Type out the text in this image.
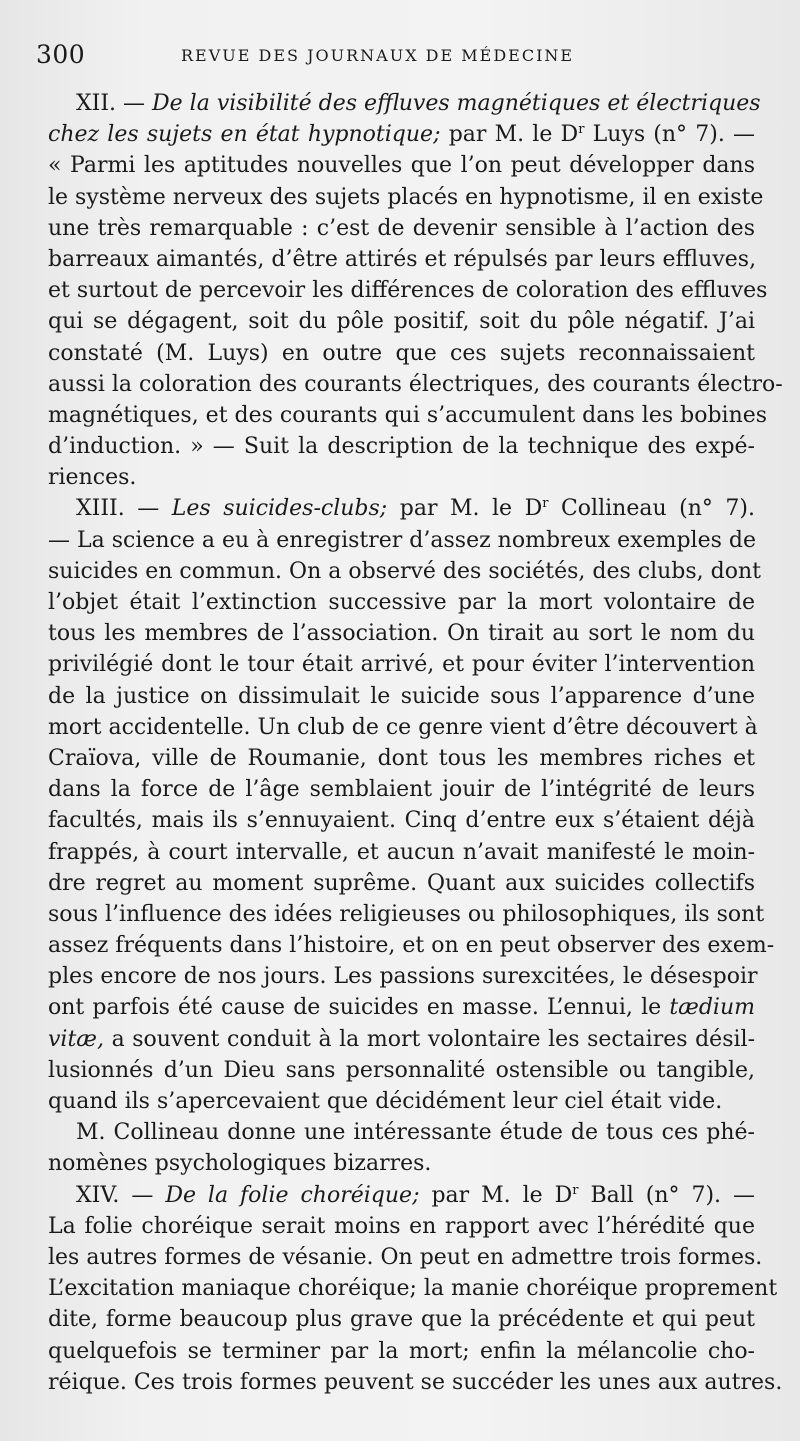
300	REVUE DES JOURNAUX DE MÉDECINE
XII. — De la visibilité des effluves magnétiques et électriques
chez les sujets en état hypnotique; par M. le $D^r$ Luys (n° 7). —
« Parmi les aptitudes nouvelles que l’on peut développer dans
le système nerveux des sujets placés en hypnotisme, il en existe
une très remarquable : c’est de devenir sensible à l’action des
barreaux aimantés, d’être attirés et répulsés par leurs effluves,
et surtout de percevoir les différences de coloration des effluves
qui se dégagent, soit du pôle positif, soit du pôle négatif. J’ai
constaté (M. Luys) en outre que ces sujets reconnaissaient
aussi la coloration des courants électriques, des courants électro-
magnétiques, et des courants qui s’accumulent dans les bobines
d’induction. » — Suit la description de la technique des expé-
riences.
XIII. — Les suicides-clubs; par M. le $D^r$ Collineau (n° 7).
— La science a eu à enregistrer d’assez nombreux exemples de
suicides en commun. On a observé des sociétés, des clubs, dont
l’objet était l’extinction successive par la mort volontaire de
tous les membres de l’association. On tirait au sort le nom du
privilégié dont le tour était arrivé, et pour éviter l’intervention
de la justice on dissimulait le suicide sous l’apparence d’une
mort accidentelle. Un club de ce genre vient d’être découvert à
Craïova, ville de Roumanie, dont tous les membres riches et
dans la force de l’âge semblaient jouir de l’intégrité de leurs
facultés, mais ils s’ennuyaient. Cinq d’entre eux s’étaient déjà
frappés, à court intervalle, et aucun n’avait manifesté le moin-
dre regret au moment suprême. Quant aux suicides collectifs
sous l’influence des idées religieuses ou philosophiques, ils sont
assez fréquents dans l’histoire, et on en peut observer des exem-
ples encore de nos jours. Les passions surexcitées, le désespoir
ont parfois été cause de suicides en masse. L’ennui, le tædium
vitæ, a souvent conduit à la mort volontaire les sectaires désil-
lusionnés d’un Dieu sans personnalité ostensible ou tangible,
quand ils s’apercevaient que décidément leur ciel était vide.
M. Collineau donne une intéressante étude de tous ces phé-
nomènes psychologiques bizarres.
XIV. — De la folie choréique; par M. le $D^r$ Ball (n° 7). —
La folie choréique serait moins en rapport avec l’hérédité que
les autres formes de vésanie. On peut en admettre trois formes.
L’excitation maniaque choréique; la manie choréique proprement
dite, forme beaucoup plus grave que la précédente et qui peut
quelquefois se terminer par la mort; enfin la mélancolie cho-
réique. Ces trois formes peuvent se succéder les unes aux autres.
